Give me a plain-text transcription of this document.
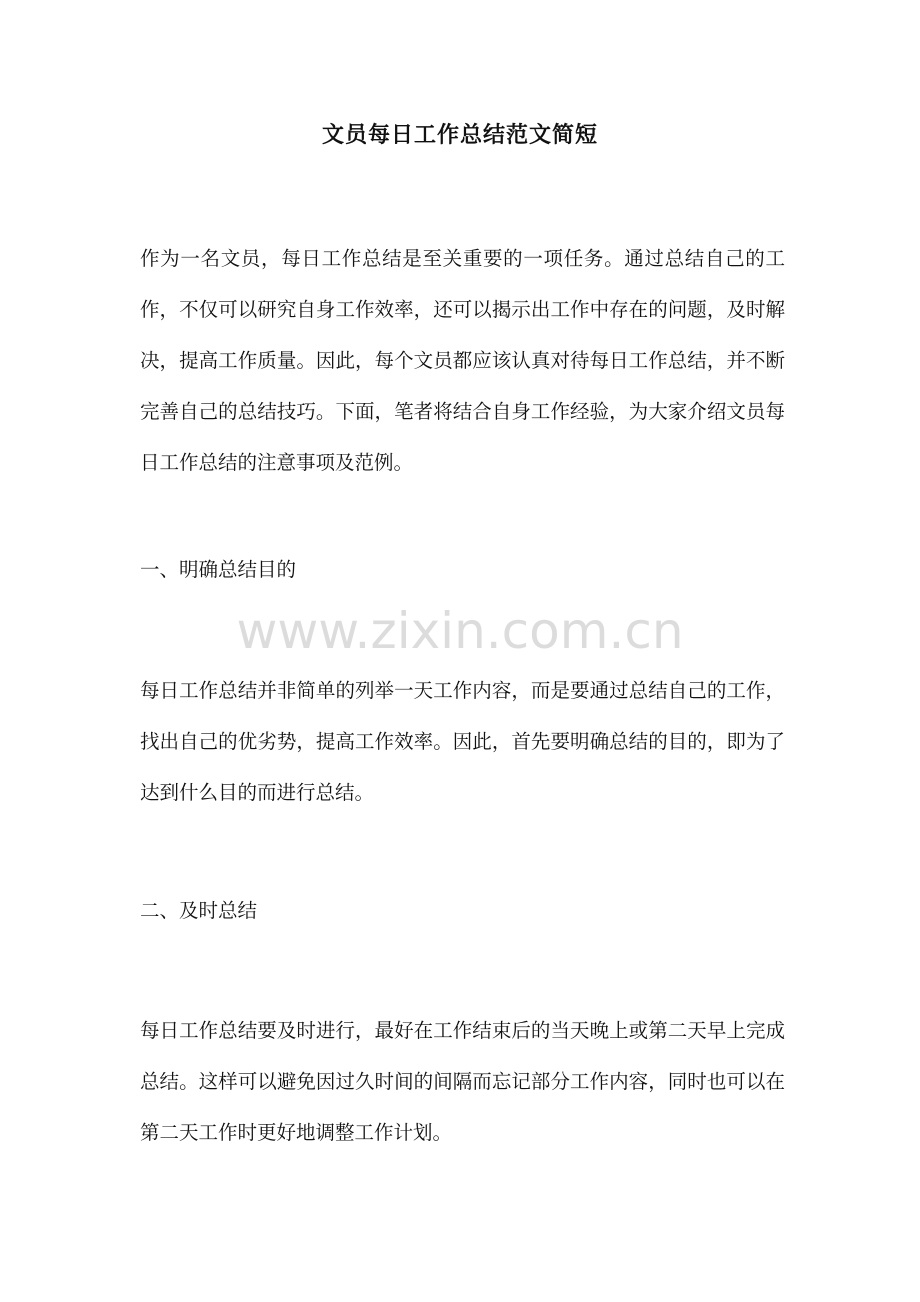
文员每日工作总结范文简短

作为一名文员，每日工作总结是至关重要的一项任务。通过总结自己的工作，不仅可以研究自身工作效率，还可以揭示出工作中存在的问题，及时解决，提高工作质量。因此，每个文员都应该认真对待每日工作总结，并不断完善自己的总结技巧。下面，笔者将结合自身工作经验，为大家介绍文员每日工作总结的注意事项及范例。

一、明确总结目的

www.zixin.com.cn

每日工作总结并非简单的列举一天工作内容，而是要通过总结自己的工作，找出自己的优劣势，提高工作效率。因此，首先要明确总结的目的，即为了达到什么目的而进行总结。

二、及时总结

每日工作总结要及时进行，最好在工作结束后的当天晚上或第二天早上完成总结。这样可以避免因过久时间的间隔而忘记部分工作内容，同时也可以在第二天工作时更好地调整工作计划。
